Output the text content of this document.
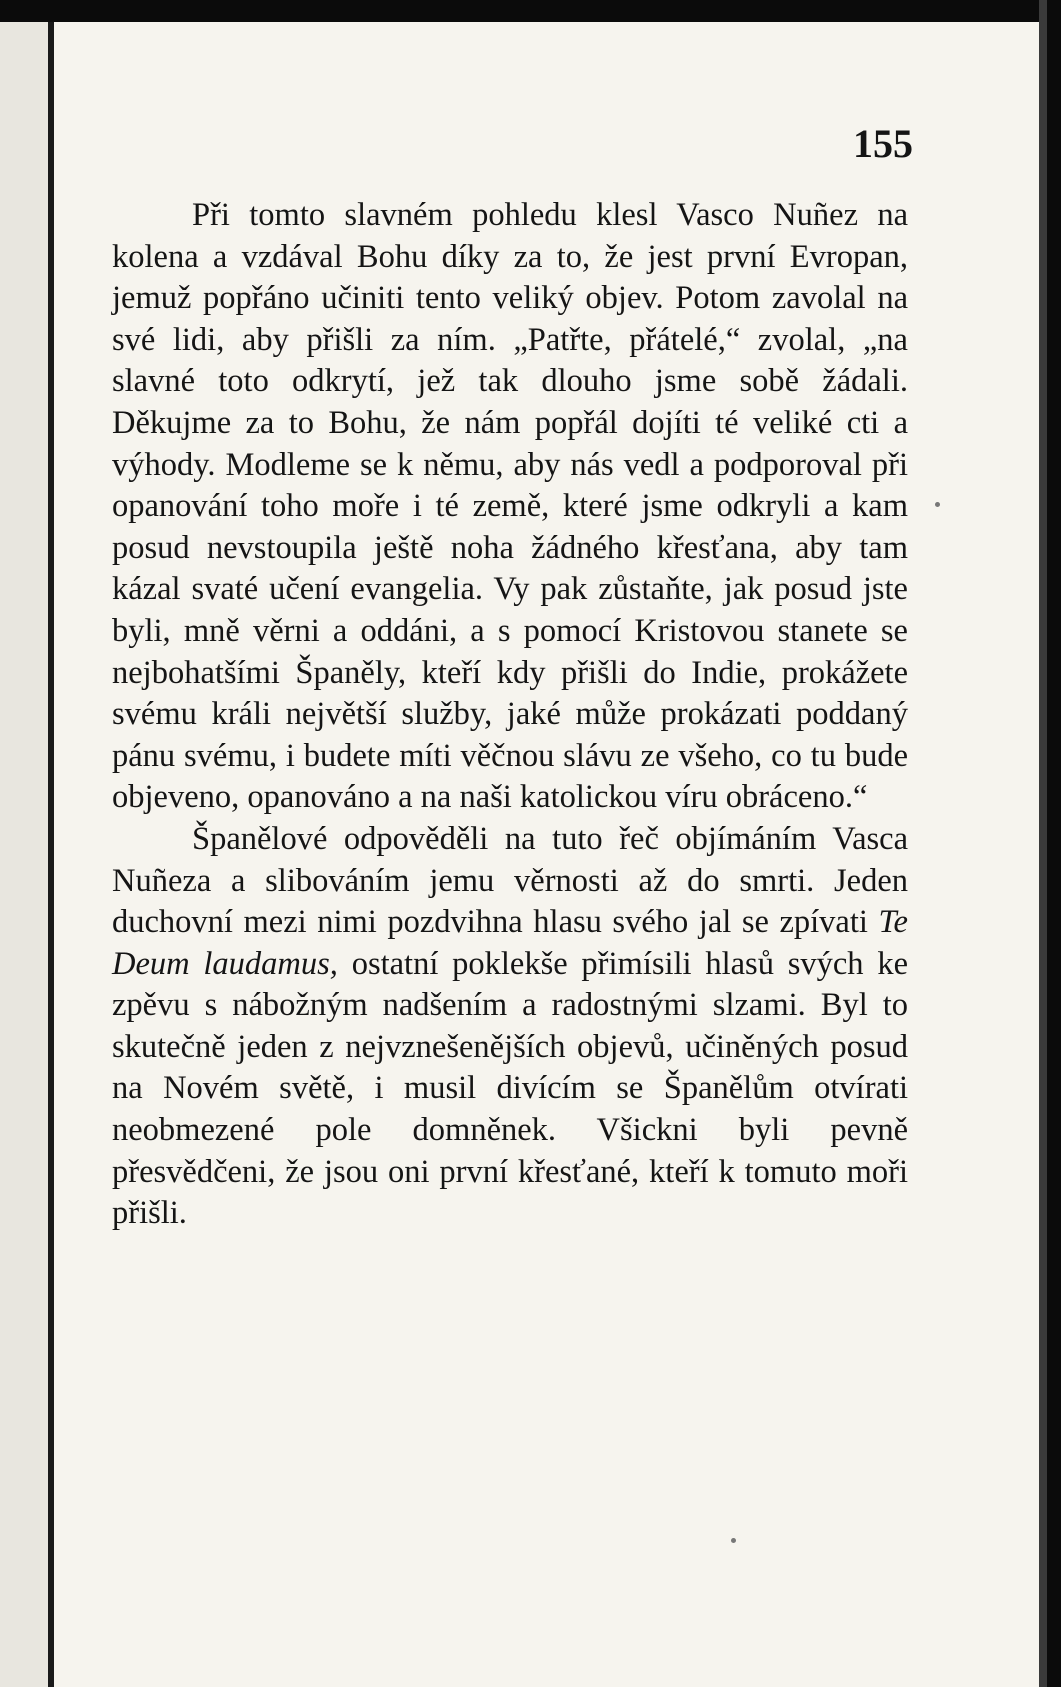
155

Při tomto slavném pohledu klesl Vasco Nuñez na kolena a vzdával Bohu díky za to, že jest první Evropan, jemuž popřáno učiniti tento veliký objev. Potom zavolal na své lidi, aby přišli za ním. „Patřte, přátelé,“ zvolal, „na slavné toto odkrytí, jež tak dlouho jsme sobě žádali. Děkujme za to Bohu, že nám popřál dojíti té veliké cti a výhody. Modleme se k němu, aby nás vedl a podporoval při opanování toho moře i té země, které jsme odkryli a kam posud nevstoupila ještě noha žádného křesťana, aby tam kázal svaté učení evangelia. Vy pak zůstaňte, jak posud jste byli, mně věrni a oddáni, a s pomocí Kristovou stanete se nejbohatšími Španěly, kteří kdy přišli do Indie, prokážete svému králi největší služby, jaké může prokázati poddaný pánu svému, i budete míti věčnou slávu ze všeho, co tu bude objeveno, opanováno a na naši katolickou víru obráceno.“

Španělové odpověděli na tuto řeč objímáním Vasca Nuñeza a slibováním jemu věrnosti až do smrti. Jeden duchovní mezi nimi pozdvihna hlasu svého jal se zpívati Te Deum laudamus, ostatní poklekše přimísili hlasů svých ke zpěvu s nábožným nadšením a radostnými slzami. Byl to skutečně jeden z nejvznešenějších objevů, učiněných posud na Novém světě, i musil divícím se Španělům otvírati neobmezené pole domněnek. Všickni byli pevně přesvědčeni, že jsou oni první křesťané, kteří k tomuto moři přišli.
